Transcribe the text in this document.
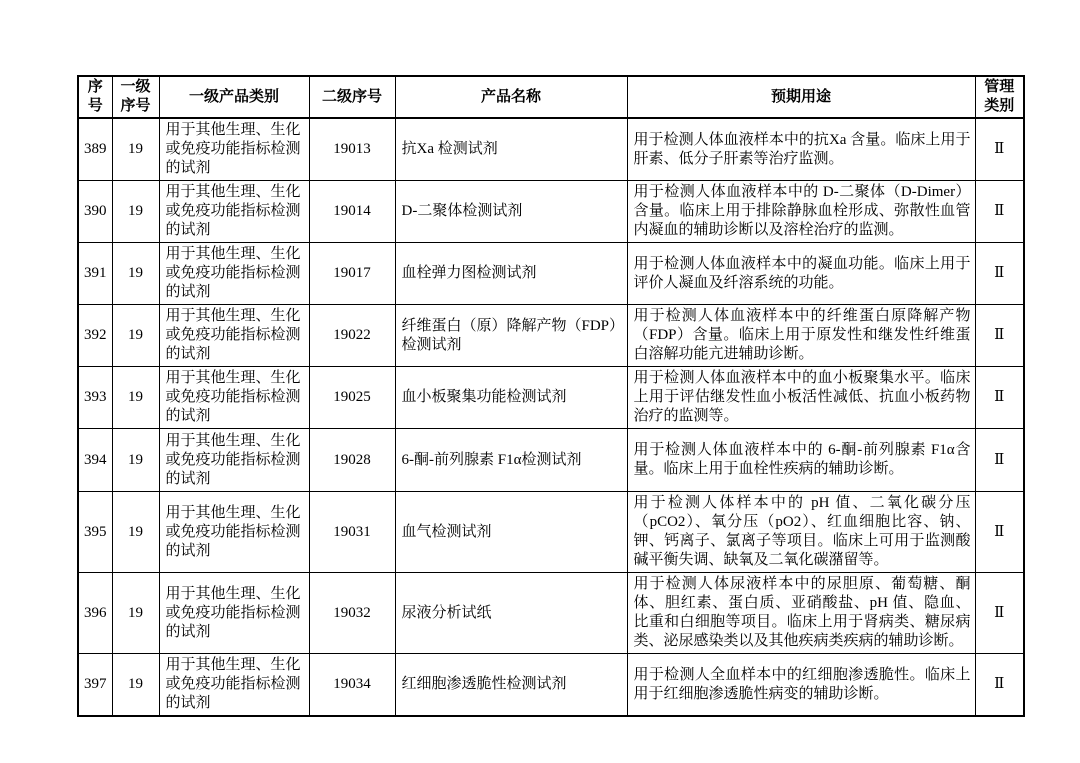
序号	一级序号	一级产品类别	二级序号	产品名称	预期用途	管理类别
389	19	用于其他生理、生化或免疫功能指标检测的试剂	19013	抗Xa 检测试剂	用于检测人体血液样本中的抗Xa 含量。临床上用于肝素、低分子肝素等治疗监测。	Ⅱ
390	19	用于其他生理、生化或免疫功能指标检测的试剂	19014	D-二聚体检测试剂	用于检测人体血液样本中的 D-二聚体（D-Dimer）含量。临床上用于排除静脉血栓形成、弥散性血管内凝血的辅助诊断以及溶栓治疗的监测。	Ⅱ
391	19	用于其他生理、生化或免疫功能指标检测的试剂	19017	血栓弹力图检测试剂	用于检测人体血液样本中的凝血功能。临床上用于评价人凝血及纤溶系统的功能。	Ⅱ
392	19	用于其他生理、生化或免疫功能指标检测的试剂	19022	纤维蛋白（原）降解产物（FDP）检测试剂	用于检测人体血液样本中的纤维蛋白原降解产物（FDP）含量。临床上用于原发性和继发性纤维蛋白溶解功能亢进辅助诊断。	Ⅱ
393	19	用于其他生理、生化或免疫功能指标检测的试剂	19025	血小板聚集功能检测试剂	用于检测人体血液样本中的血小板聚集水平。临床上用于评估继发性血小板活性减低、抗血小板药物治疗的监测等。	Ⅱ
394	19	用于其他生理、生化或免疫功能指标检测的试剂	19028	6-酮-前列腺素 F1α检测试剂	用于检测人体血液样本中的 6-酮-前列腺素 F1α含量。临床上用于血栓性疾病的辅助诊断。	Ⅱ
395	19	用于其他生理、生化或免疫功能指标检测的试剂	19031	血气检测试剂	用于检测人体样本中的 pH 值、二氧化碳分压（pCO2）、氧分压（pO2）、红血细胞比容、钠、钾、钙离子、氯离子等项目。临床上可用于监测酸碱平衡失调、缺氧及二氧化碳潴留等。	Ⅱ
396	19	用于其他生理、生化或免疫功能指标检测的试剂	19032	尿液分析试纸	用于检测人体尿液样本中的尿胆原、葡萄糖、酮体、胆红素、蛋白质、亚硝酸盐、pH 值、隐血、比重和白细胞等项目。临床上用于肾病类、糖尿病类、泌尿感染类以及其他疾病类疾病的辅助诊断。	Ⅱ
397	19	用于其他生理、生化或免疫功能指标检测的试剂	19034	红细胞渗透脆性检测试剂	用于检测人全血样本中的红细胞渗透脆性。临床上用于红细胞渗透脆性病变的辅助诊断。	Ⅱ
